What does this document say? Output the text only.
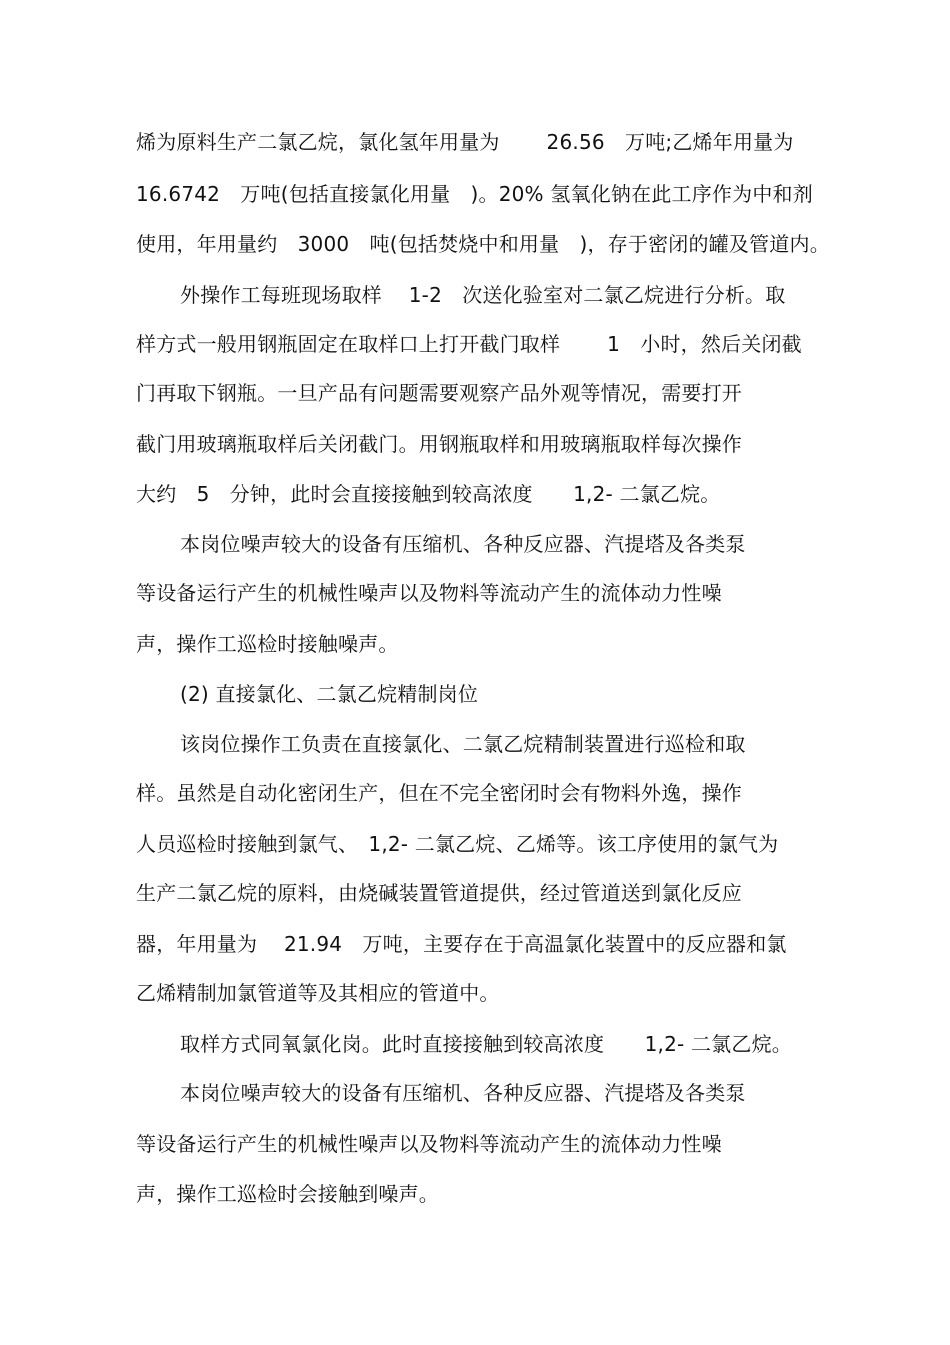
烯为原料生产二氯乙烷，氯化氢年用量为　　 26.56　万吨;乙烯年用量为
16.6742　万吨(包括直接氯化用量　)。20% 氢氧化钠在此工序作为中和剂
使用，年用量约　3000　吨(包括焚烧中和用量　)，存于密闭的罐及管道内。
外操作工每班现场取样　 1-2　次送化验室对二氯乙烷进行分析。取
样方式一般用钢瓶固定在取样口上打开截门取样　　 1　小时，然后关闭截
门再取下钢瓶。一旦产品有问题需要观察产品外观等情况，需要打开
截门用玻璃瓶取样后关闭截门。用钢瓶取样和用玻璃瓶取样每次操作
大约　5　分钟，此时会直接接触到较高浓度　　1,2- 二氯乙烷。
本岗位噪声较大的设备有压缩机、各种反应器、汽提塔及各类泵
等设备运行产生的机械性噪声以及物料等流动产生的流体动力性噪
声，操作工巡检时接触噪声。
(2) 直接氯化、二氯乙烷精制岗位
该岗位操作工负责在直接氯化、二氯乙烷精制装置进行巡检和取
样。虽然是自动化密闭生产，但在不完全密闭时会有物料外逸，操作
人员巡检时接触到氯气、　1,2- 二氯乙烷、乙烯等。该工序使用的氯气为
生产二氯乙烷的原料，由烧碱装置管道提供，经过管道送到氯化反应
器，年用量为　 21.94　万吨，主要存在于高温氯化装置中的反应器和氯
乙烯精制加氯管道等及其相应的管道中。
取样方式同氧氯化岗。此时直接接触到较高浓度　　1,2- 二氯乙烷。
本岗位噪声较大的设备有压缩机、各种反应器、汽提塔及各类泵
等设备运行产生的机械性噪声以及物料等流动产生的流体动力性噪
声，操作工巡检时会接触到噪声。
